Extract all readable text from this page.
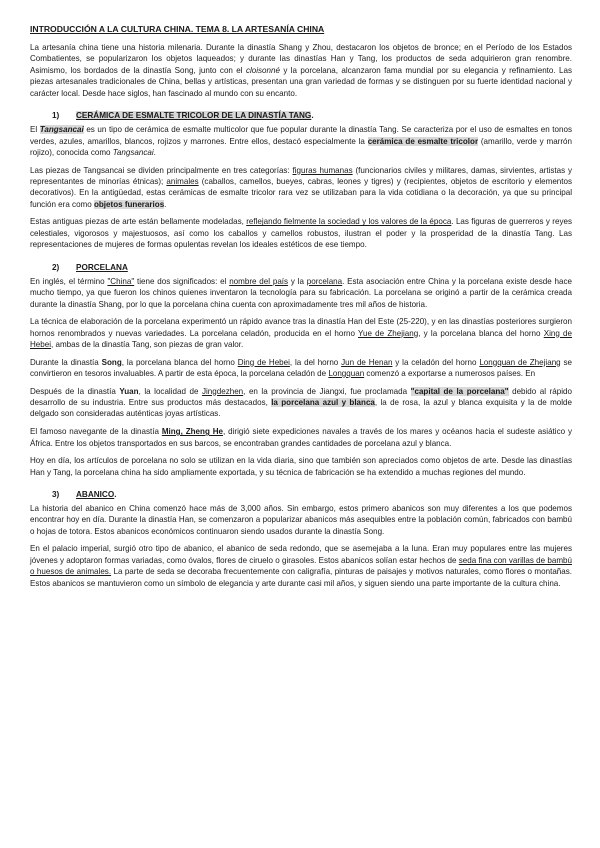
INTRODUCCIÓN A LA CULTURA CHINA. TEMA 8. LA ARTESANÍA CHINA

La artesanía china tiene una historia milenaria. Durante la dinastía Shang y Zhou, destacaron los objetos de bronce; en el Período de los Estados Combatientes, se popularizaron los objetos laqueados; y durante las dinastías Han y Tang, los productos de seda adquirieron gran renombre. Asimismo, los bordados de la dinastía Song, junto con el cloisonné y la porcelana, alcanzaron fama mundial por su elegancia y refinamiento. Las piezas artesanales tradicionales de China, bellas y artísticas, presentan una gran variedad de formas y se distinguen por su fuerte identidad nacional y carácter local. Desde hace siglos, han fascinado al mundo con su encanto.

1)	CERÁMICA DE ESMALTE TRICOLOR DE LA DINASTÍA TANG .

El Tangsancai es un tipo de cerámica de esmalte multicolor que fue popular durante la dinastía Tang. Se caracteriza por el uso de esmaltes en tonos verdes, azules, amarillos, blancos, rojizos y marrones. Entre ellos, destacó especialmente la cerámica de esmalte tricolor (amarillo, verde y marrón rojizo), conocida como Tangsancai.

Las piezas de Tangsancai se dividen principalmente en tres categorías: figuras humanas (funcionarios civiles y militares, damas, sirvientes, artistas y representantes de minorías étnicas); animales (caballos, camellos, bueyes, cabras, leones y tigres) y (recipientes, objetos de escritorio y elementos decorativos). En la antigüedad, estas cerámicas de esmalte tricolor rara vez se utilizaban para la vida cotidiana o la decoración, ya que su principal función era como objetos funerarios.

Estas antiguas piezas de arte están bellamente modeladas, reflejando fielmente la sociedad y los valores de la época. Las figuras de guerreros y reyes celestiales, vigorosos y majestuosos, así como los caballos y camellos robustos, ilustran el poder y la prosperidad de la dinastía Tang. Las representaciones de mujeres de formas opulentas revelan los ideales estéticos de ese tiempo.

2)	PORCELANA

En inglés, el término "China" tiene dos significados: el nombre del país y la porcelana. Esta asociación entre China y la porcelana existe desde hace mucho tiempo, ya que fueron los chinos quienes inventaron la tecnología para su fabricación. La porcelana se originó a partir de la cerámica creada durante la dinastía Shang, por lo que la porcelana china cuenta con aproximadamente tres mil años de historia.

La técnica de elaboración de la porcelana experimentó un rápido avance tras la dinastía Han del Este (25-220), y en las dinastías posteriores surgieron hornos renombrados y nuevas variedades. La porcelana celadón, producida en el horno Yue de Zhejiang, y la porcelana blanca del horno Xing de Hebei, ambas de la dinastía Tang, son piezas de gran valor.

Durante la dinastía Song, la porcelana blanca del horno Ding de Hebei, la del horno Jun de Henan y la celadón del horno Longquan de Zhejiang se convirtieron en tesoros invaluables. A partir de esta época, la porcelana celadón de Longquan comenzó a exportarse a numerosos países. En

Después de la dinastía Yuan, la localidad de Jingdezhen, en la provincia de Jiangxi, fue proclamada "capital de la porcelana" debido al rápido desarrollo de su industria. Entre sus productos más destacados, la porcelana azul y blanca, la de rosa, la azul y blanca exquisita y la de molde delgado son consideradas auténticas joyas artísticas.

El famoso navegante de la dinastía Ming, Zheng He, dirigió siete expediciones navales a través de los mares y océanos hacia el sudeste asiático y África. Entre los objetos transportados en sus barcos, se encontraban grandes cantidades de porcelana azul y blanca.

Hoy en día, los artículos de porcelana no solo se utilizan en la vida diaria, sino que también son apreciados como objetos de arte. Desde las dinastías Han y Tang, la porcelana china ha sido ampliamente exportada, y su técnica de fabricación se ha extendido a muchas regiones del mundo.

3)	ABANICO .

La historia del abanico en China comenzó hace más de 3,000 años. Sin embargo, estos primero abanicos son muy diferentes a los que podemos encontrar hoy en día. Durante la dinastía Han, se comenzaron a popularizar abanicos más asequibles entre la población común, fabricados con bambú o hojas de totora. Estos abanicos económicos continuaron siendo usados durante la dinastía Song.

En el palacio imperial, surgió otro tipo de abanico, el abanico de seda redondo, que se asemejaba a la luna. Eran muy populares entre las mujeres jóvenes y adoptaron formas variadas, como óvalos, flores de ciruelo o girasoles. Estos abanicos solían estar hechos de seda fina con varillas de bambú o huesos de animales. La parte de seda se decoraba frecuentemente con caligrafía, pinturas de paisajes y motivos naturales, como flores o montañas. Estos abanicos se mantuvieron como un símbolo de elegancia y arte durante casi mil años, y siguen siendo una parte importante de la cultura china.
